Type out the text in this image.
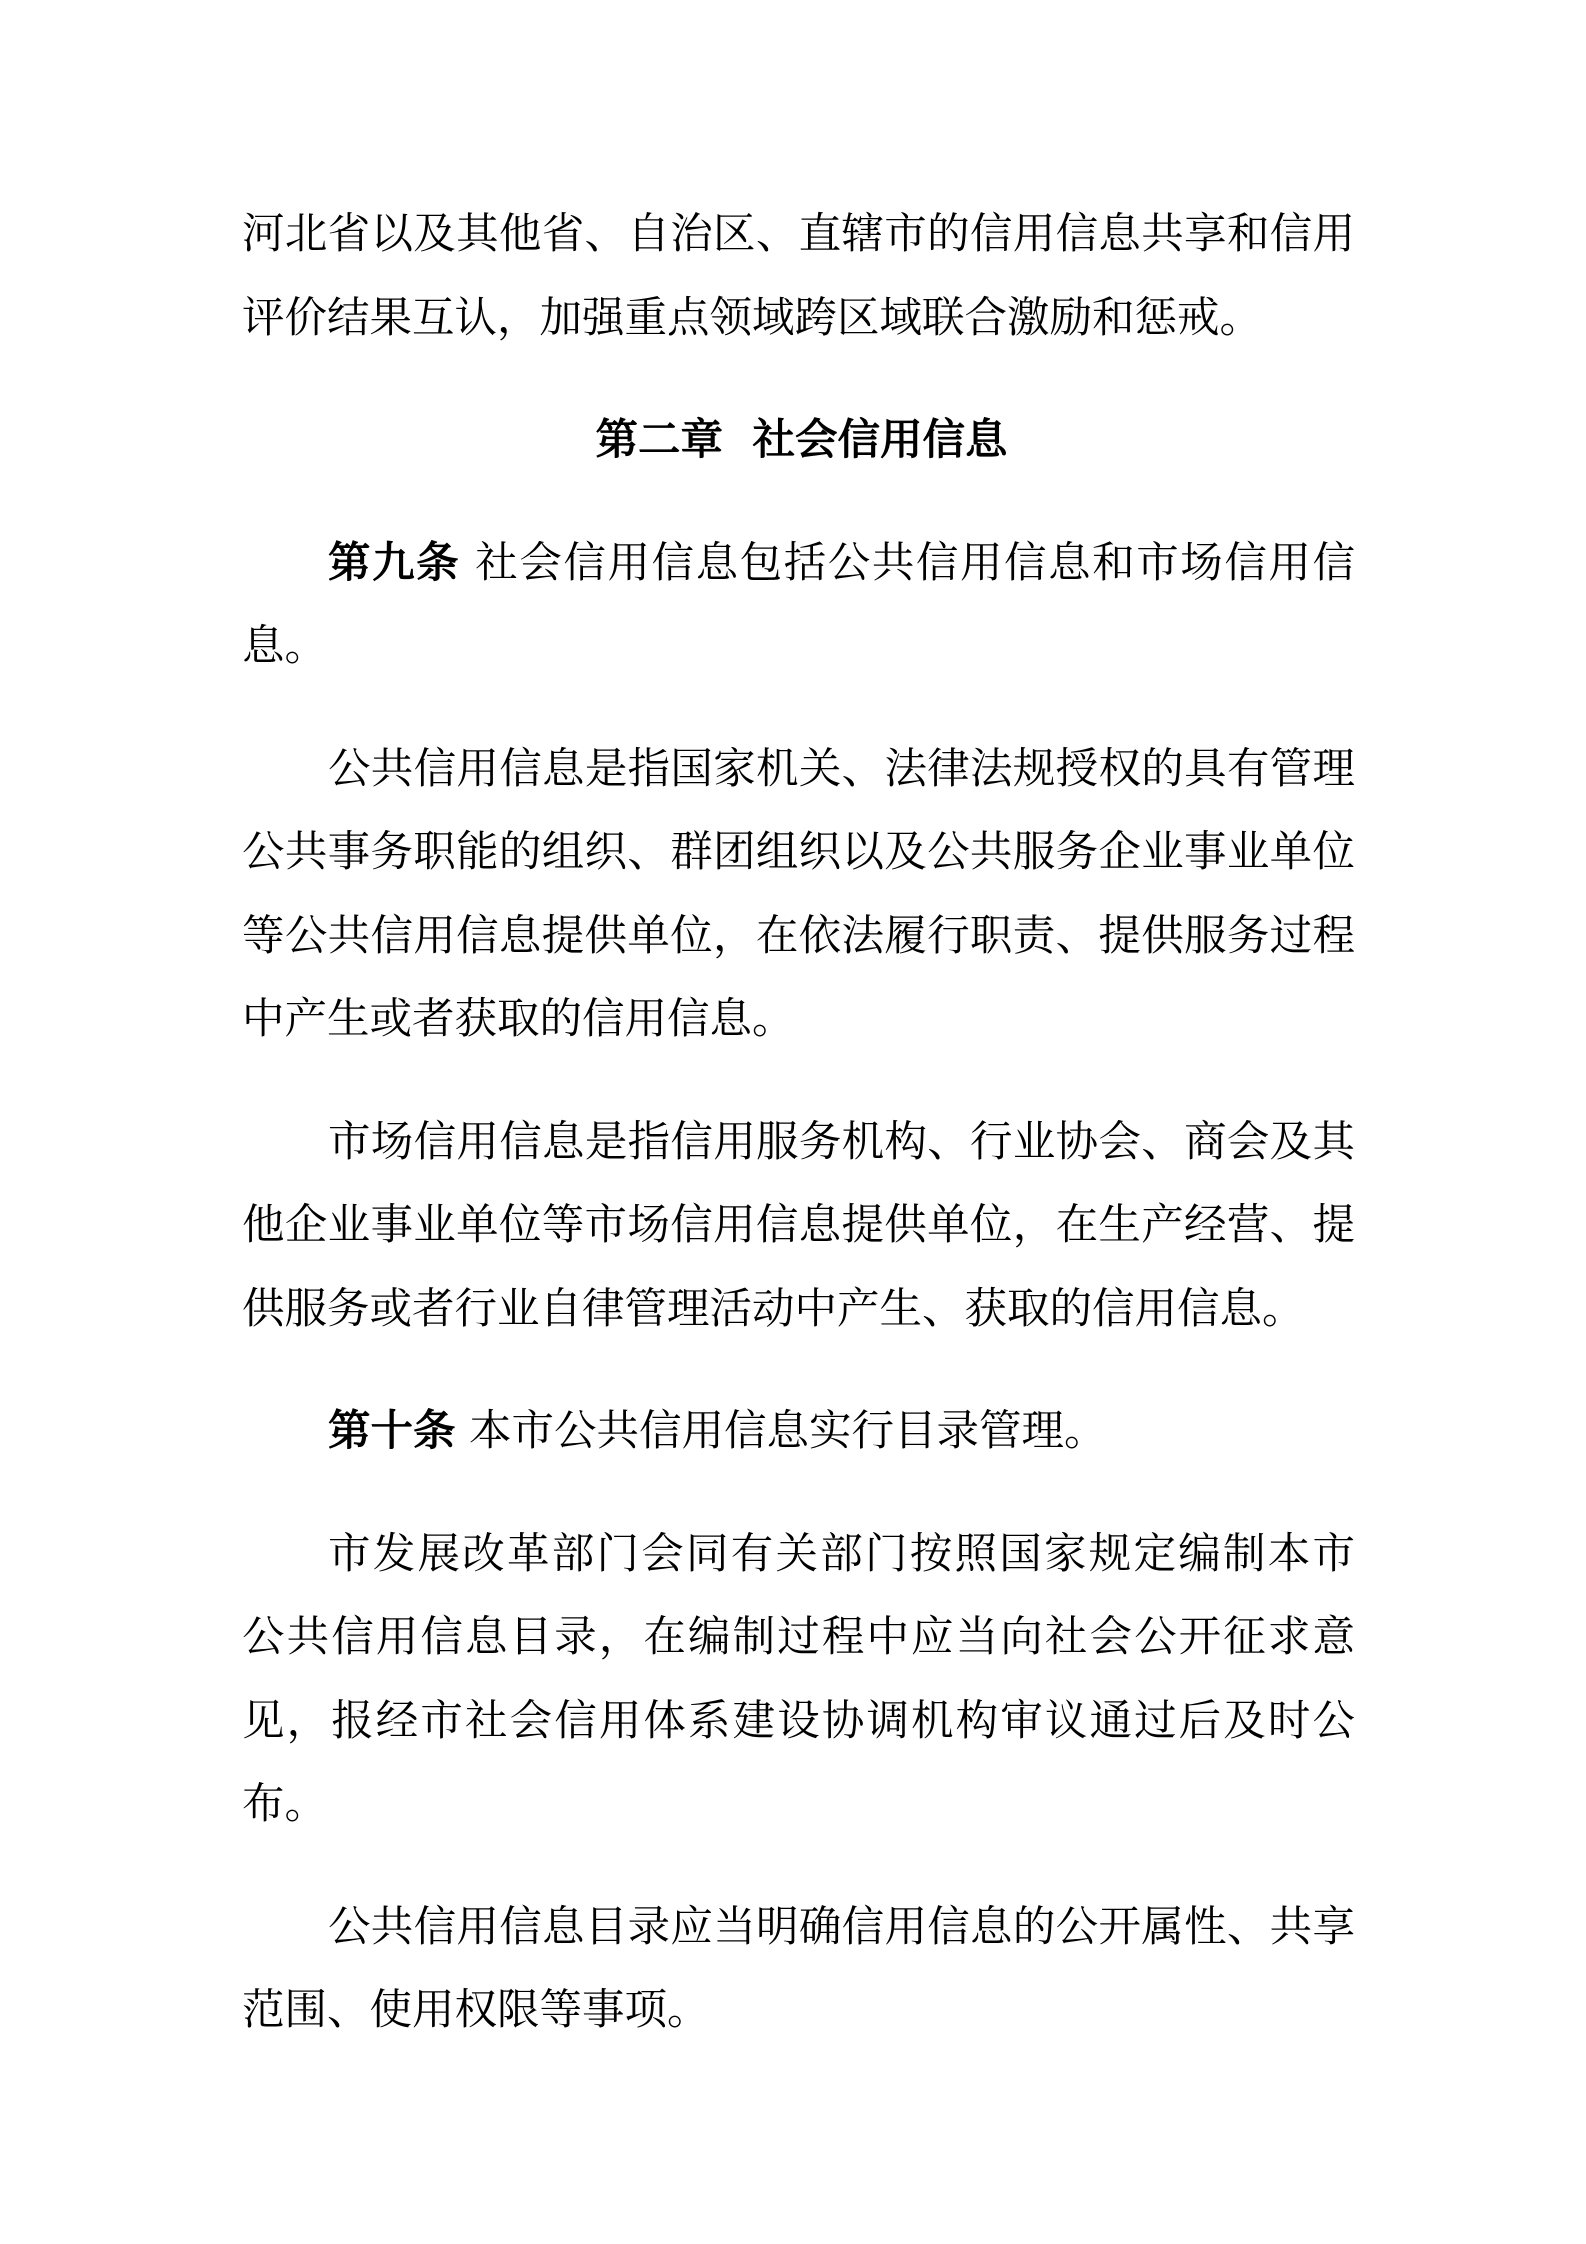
河北省以及其他省、自治区、直辖市的信用信息共享和信用
评价结果互认，加强重点领域跨区域联合激励和惩戒。

第二章  社会信用信息

第九条 社会信用信息包括公共信用信息和市场信用信
息。

公共信用信息是指国家机关、法律法规授权的具有管理
公共事务职能的组织、群团组织以及公共服务企业事业单位
等公共信用信息提供单位，在依法履行职责、提供服务过程
中产生或者获取的信用信息。

市场信用信息是指信用服务机构、行业协会、商会及其
他企业事业单位等市场信用信息提供单位，在生产经营、提
供服务或者行业自律管理活动中产生、获取的信用信息。

第十条 本市公共信用信息实行目录管理。

市发展改革部门会同有关部门按照国家规定编制本市
公共信用信息目录，在编制过程中应当向社会公开征求意
见，报经市社会信用体系建设协调机构审议通过后及时公
布。

公共信用信息目录应当明确信用信息的公开属性、共享
范围、使用权限等事项。
